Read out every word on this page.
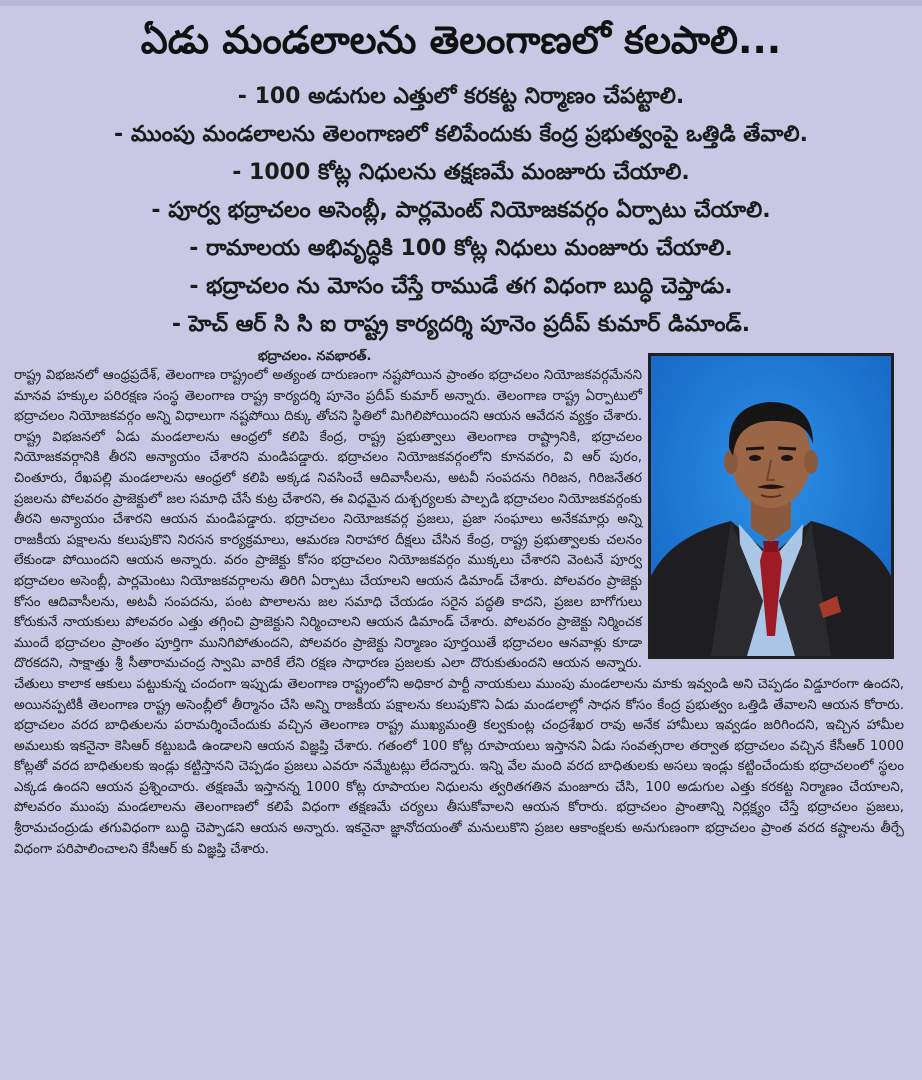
ఏడు మండలాలను తెలంగాణలో కలపాలి...
- 100 అడుగుల ఎత్తులో కరకట్ట నిర్మాణం చేపట్టాలి.
- ముంపు మండలాలను తెలంగాణలో కలిపేందుకు కేంద్ర ప్రభుత్వంపై ఒత్తిడి తేవాలి.
- 1000 కోట్ల నిధులను తక్షణమే మంజూరు చేయాలి.
- పూర్వ భద్రాచలం అసెంబ్లీ, పార్లమెంట్ నియోజకవర్గం ఏర్పాటు చేయాలి.
- రామాలయ అభివృద్ధికి 100 కోట్ల నిధులు మంజూరు చేయాలి.
- భద్రాచలం ను మోసం చేస్తే రాముడే తగ విధంగా బుద్ధి చెప్తాడు.
- హెచ్ ఆర్ సి సి ఐ రాష్ట్ర కార్యదర్శి పూనెం ప్రదీప్ కుమార్ డిమాండ్.
భద్రాచలం. నవభారత్.

రాష్ట్ర విభజనలో ఆంధ్రప్రదేశ్, తెలంగాణ రాష్ట్రంలో అత్యంత దారుణంగా నష్టపోయిన ప్రాంతం భద్రాచలం నియోజకవర్గమేనని మానవ హక్కుల పరిరక్షణ సంస్థ తెలంగాణ రాష్ట్ర కార్యదర్శి పూనెం ప్రదీప్ కుమార్ అన్నారు. తెలంగాణ రాష్ట్ర ఏర్పాటులో భద్రాచలం నియోజకవర్గం అన్ని విధాలుగా నష్టపోయి దిక్కు తోచని స్థితిలో మిగిలిపోయిందని ఆయన ఆవేదన వ్యక్తం చేశారు. రాష్ట్ర విభజనలో ఏడు మండలాలను ఆంధ్రలో కలిపి కేంద్ర, రాష్ట్ర ప్రభుత్వాలు తెలంగాణ రాష్ట్రానికి, భద్రాచలం నియోజకవర్గానికి తీరని అన్యాయం చేశారని మండిపడ్డారు. భద్రాచలం నియోజకవర్గంలోని కూనవరం, వి ఆర్ పురం, చింతూరు, రేఖపల్లి మండలాలను ఆంధ్రలో కలిపి అక్కడ నివసించే ఆదివాసీలను, అటవీ సంపదను గిరిజన, గిరిజనేతర ప్రజలను పోలవరం ప్రాజెక్టులో జల సమాధి చేసే కుట్ర చేశారని, ఈ విధమైన దుశ్చర్యలకు పాల్పడి భద్రాచలం నియోజకవర్గంకు తీరని అన్యాయం చేశారని ఆయన మండిపడ్డారు. భద్రాచలం నియోజకవర్గ ప్రజలు, ప్రజా సంఘాలు అనేకమార్లు అన్ని రాజకీయ పక్షాలను కలుపుకొని నిరసన కార్యక్రమాలు, ఆమరణ నిరాహార దీక్షలు చేసిన కేంద్ర, రాష్ట్ర ప్రభుత్వాలకు చలనం లేకుండా పోయిందని ఆయన అన్నారు. వరం ప్రాజెక్టు కోసం భద్రాచలం నియోజకవర్గం ముక్కలు చేశారని వెంటనే పూర్వ భద్రాచలం అసెంబ్లీ, పార్లమెంటు నియోజకవర్గాలను తిరిగి ఏర్పాటు చేయాలని ఆయన డిమాండ్ చేశారు. పోలవరం ప్రాజెక్టు కోసం ఆదివాసీలను, అటవీ సంపదను, పంట పొలాలను జల సమాధి చేయడం సరైన పద్ధతి కాదని, ప్రజల బాగోగులు కోరుకునే నాయకులు పోలవరం ఎత్తు తగ్గించి ప్రాజెక్టుని నిర్మించాలని ఆయన డిమాండ్ చేశారు. పోలవరం ప్రాజెక్టు నిర్మించక ముందే భద్రాచలం ప్రాంతం పూర్తిగా మునిగిపోతుందని, పోలవరం ప్రాజెక్టు నిర్మాణం పూర్తయితే భద్రాచలం ఆనవాళ్లు కూడా దొరకదని, సాక్షాత్తు శ్రీ సీతారామచంద్ర స్వామి వారికే లేని రక్షణ సాధారణ ప్రజలకు ఎలా దొరుకుతుందని ఆయన అన్నారు. చేతులు కాలాక ఆకులు పట్టుకున్న చందంగా ఇప్పుడు తెలంగాణ రాష్ట్రంలోని అధికార పార్టీ నాయకులు ముంపు మండలాలను మాకు ఇవ్వండి అని చెప్పడం విడ్డూరంగా ఉందని, అయినప్పటికీ తెలంగాణ రాష్ట్ర అసెంబ్లీలో తీర్మానం చేసి అన్ని రాజకీయ పక్షాలను కలుపుకొని ఏడు మండలాల్లో సాధన కోసం కేంద్ర ప్రభుత్వం ఒత్తిడి తేవాలని ఆయన కోరారు. భద్రాచలం వరద బాధితులను పరామర్శించేందుకు వచ్చిన తెలంగాణ రాష్ట్ర ముఖ్యమంత్రి కల్వకుంట్ల చంద్రశేఖర రావు అనేక హామీలు ఇవ్వడం జరిగిందని, ఇచ్చిన హామీల అమలుకు ఇకనైనా కెసిఆర్ కట్టుబడి ఉండాలని ఆయన విజ్ఞప్తి చేశారు. గతంలో 100 కోట్ల రూపాయలు ఇస్తానని ఏడు సంవత్సరాల తర్వాత భద్రాచలం వచ్చిన కేసీఆర్ 1000 కోట్లతో వరద బాధితులకు ఇండ్లు కట్టిస్తానని చెప్పడం ప్రజలు ఎవరూ నమ్మేటట్లు లేదన్నారు. ఇన్ని వేల మంది వరద బాధితులకు అసలు ఇండ్లు కట్టించేందుకు భద్రాచలంలో స్థలం ఎక్కడ ఉందని ఆయన ప్రశ్నించారు. తక్షణమే ఇస్తానన్న 1000 కోట్ల రూపాయల నిధులను త్వరితగతిన మంజూరు చేసి, 100 అడుగుల ఎత్తు కరకట్ట నిర్మాణం చేయాలని, పోలవరం ముంపు మండలాలను తెలంగాణలో కలిపే విధంగా తక్షణమే చర్యలు తీసుకోవాలని ఆయన కోరారు. భద్రాచలం ప్రాంతాన్ని నిర్లక్ష్యం చేస్తే భద్రాచలం ప్రజలు, శ్రీరామచంద్రుడు తగువిధంగా బుద్ధి చెప్పాడని ఆయన అన్నారు. ఇకనైనా జ్ఞానోదయంతో మనులుకొని ప్రజల ఆకాంక్షలకు అనుగుణంగా భద్రాచలం ప్రాంత వరద కష్టాలను తీర్చే విధంగా పరిపాలించాలని కేసీఆర్ కు విజ్ఞప్తి చేశారు.
